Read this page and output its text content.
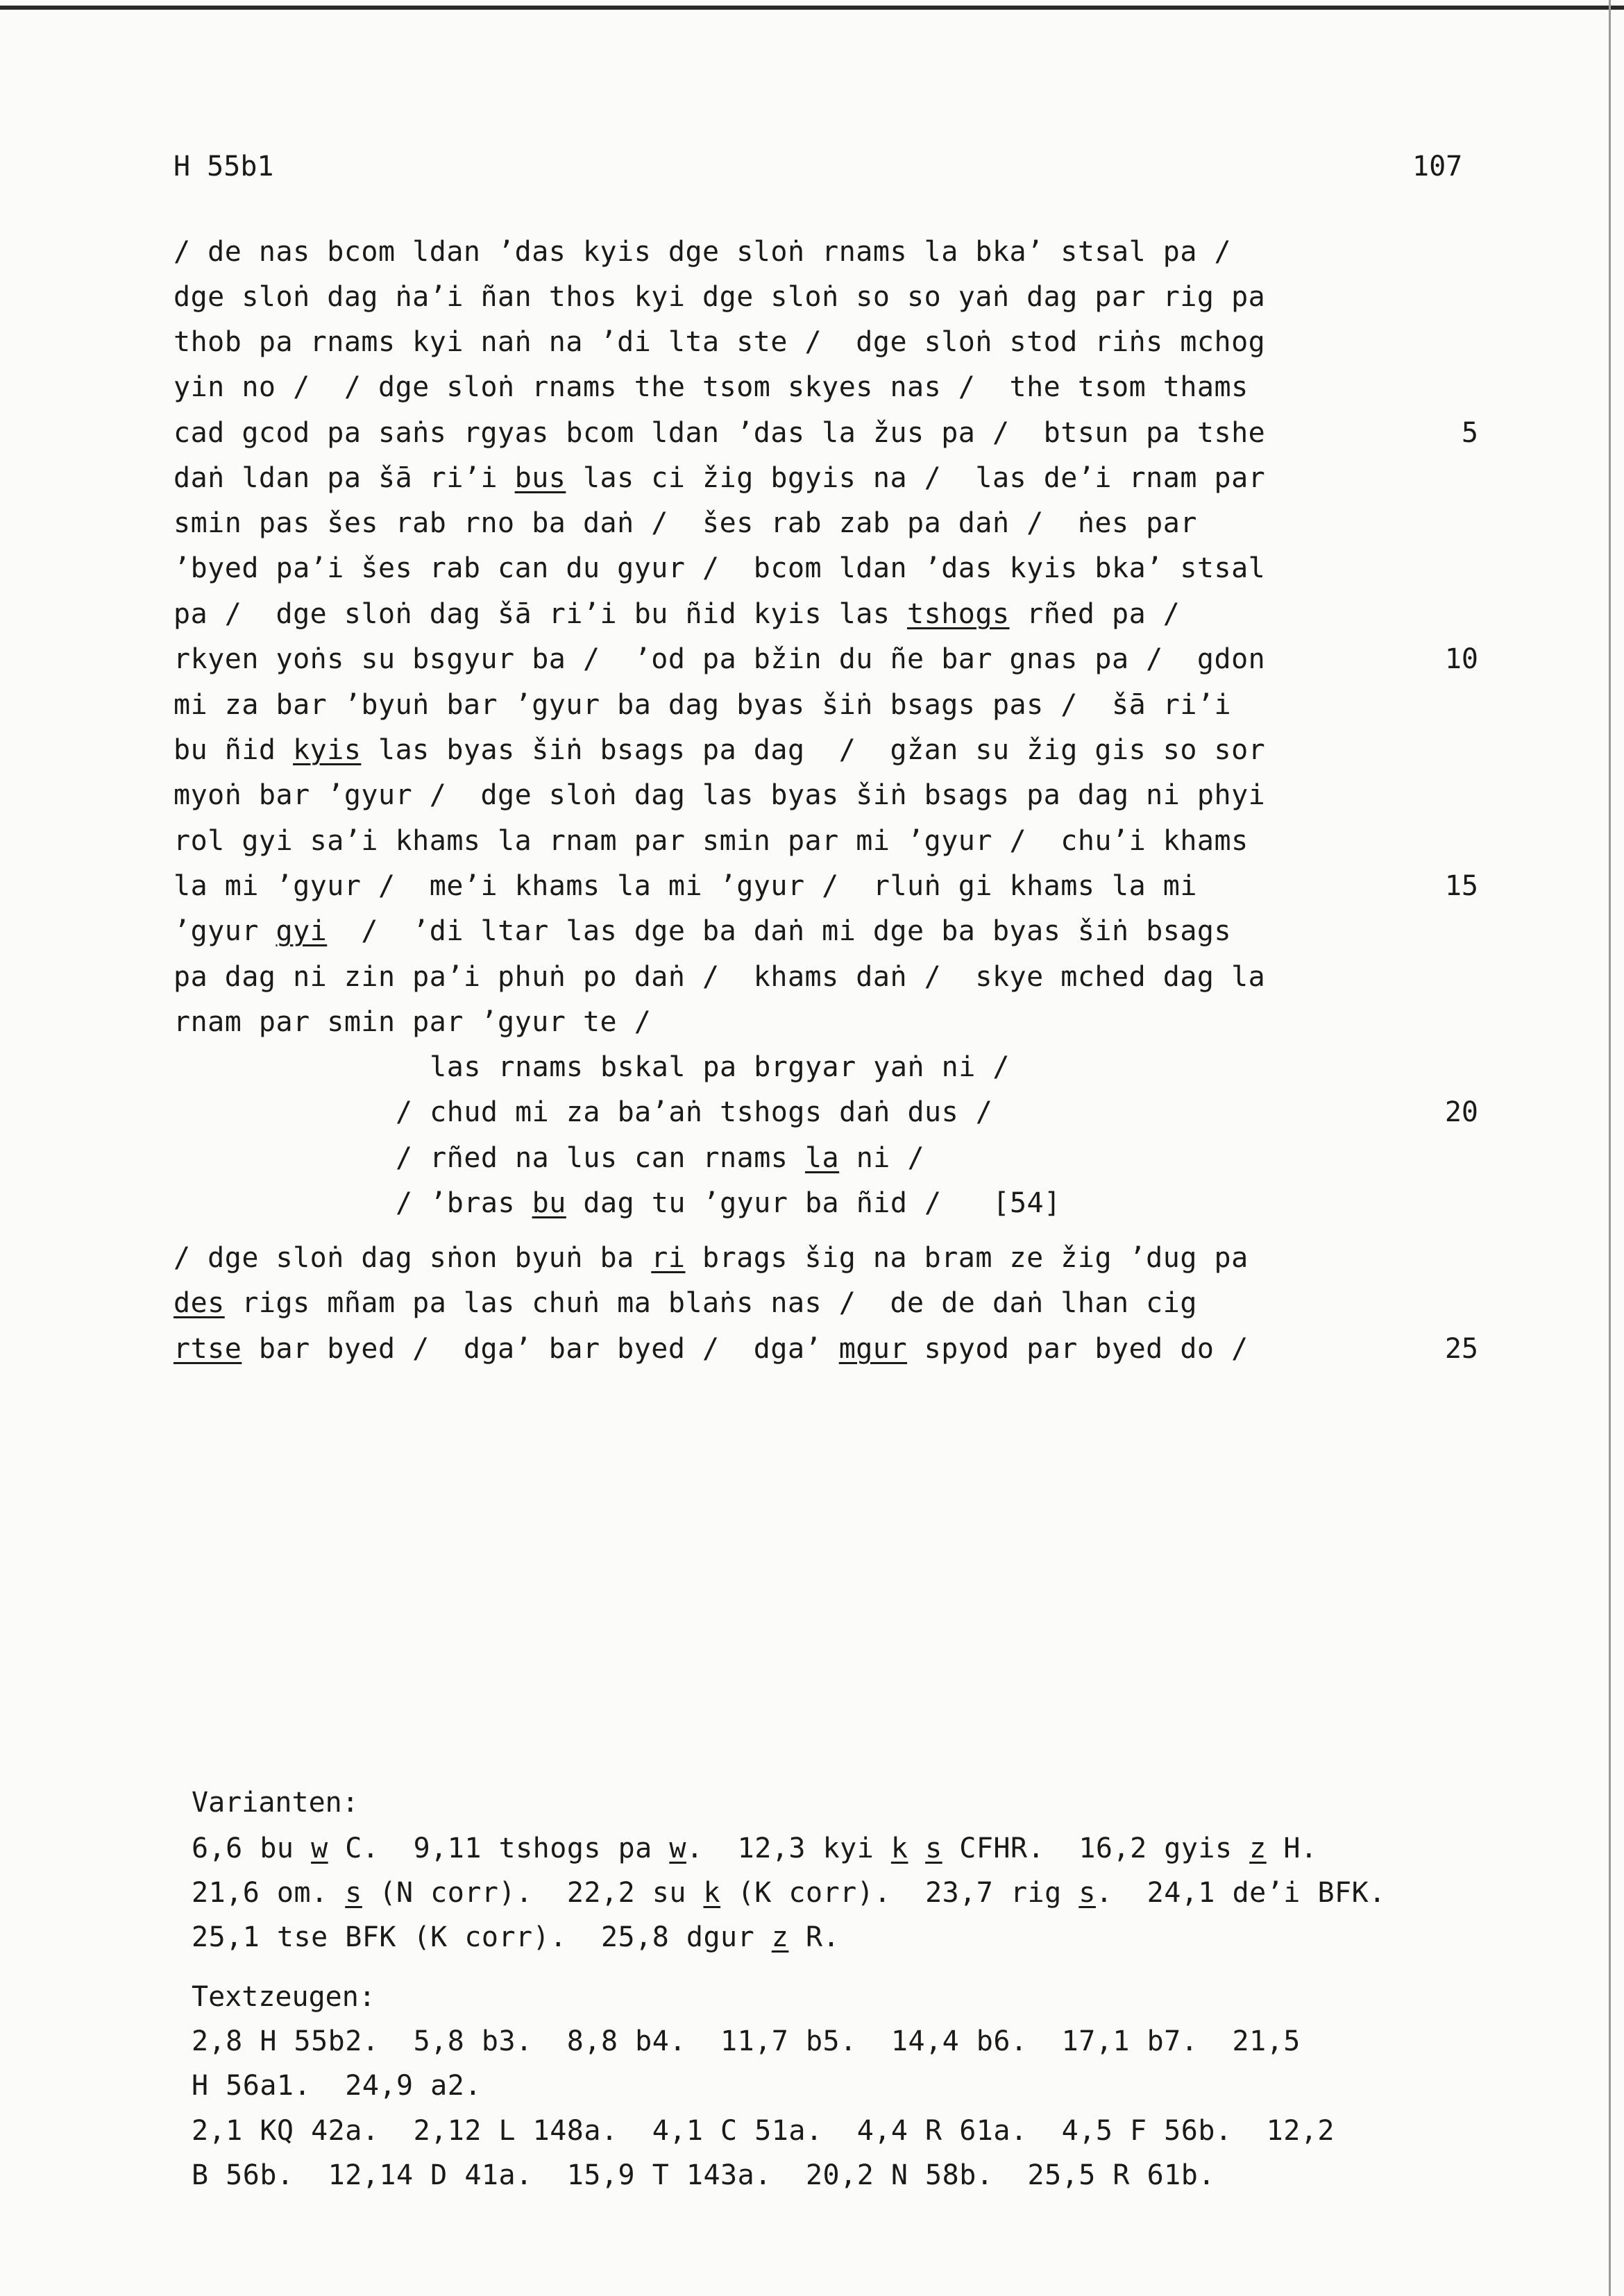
H 55b1	107
/ de nas bcom ldan ’das kyis dge sloṅ rnams la bka’ stsal pa /
dge sloṅ dag ṅa’i ñan thos kyi dge sloṅ so so yaṅ dag par rig pa
thob pa rnams kyi naṅ na ’di lta ste /  dge sloṅ stod riṅs mchog
yin no /  / dge sloṅ rnams the tsom skyes nas /  the tsom thams
cad gcod pa saṅs rgyas bcom ldan ’das la žus pa /  btsun pa tshe
daṅ ldan pa šā ri’i bus las ci žig bgyis na /  las de’i rnam par
smin pas šes rab rno ba daṅ /  šes rab zab pa daṅ /  ṅes par
’byed pa’i šes rab can du gyur /  bcom ldan ’das kyis bka’ stsal
pa /  dge sloṅ dag šā ri’i bu ñid kyis las tshogs rñed pa /
rkyen yoṅs su bsgyur ba /  ’od pa bžin du ñe bar gnas pa /  gdon
mi za bar ’byuṅ bar ’gyur ba dag byas šiṅ bsags pas /  šā ri’i
bu ñid kyis las byas šiṅ bsags pa dag  /  gžan su žig gis so sor
myoṅ bar ’gyur /  dge sloṅ dag las byas šiṅ bsags pa dag ni phyi
rol gyi sa’i khams la rnam par smin par mi ’gyur /  chu’i khams
la mi ’gyur /  me’i khams la mi ’gyur /  rluṅ gi khams la mi
’gyur gyi  /  ’di ltar las dge ba daṅ mi dge ba byas šiṅ bsags
pa dag ni zin pa’i phuṅ po daṅ /  khams daṅ /  skye mched dag la
rnam par smin par ’gyur te /
las rnams bskal pa brgyar yaṅ ni /
/ chud mi za ba’aṅ tshogs daṅ dus /
/ rñed na lus can rnams la ni /
/ ’bras bu dag tu ’gyur ba ñid /   [54]
/ dge sloṅ dag sṅon byuṅ ba ri brags šig na bram ze žig ’dug pa
des rigs mñam pa las chuṅ ma blaṅs nas /  de de daṅ lhan cig
rtse bar byed /  dga’ bar byed /  dga’ mgur spyod par byed do /
5
10
15
20
25
Varianten:
6,6 bu w C.  9,11 tshogs pa w.  12,3 kyi k s CFHR.  16,2 gyis z H.
21,6 om. s (N corr).  22,2 su k (K corr).  23,7 rig s.  24,1 de’i BFK.
25,1 tse BFK (K corr).  25,8 dgur z R.
Textzeugen:
2,8 H 55b2.  5,8 b3.  8,8 b4.  11,7 b5.  14,4 b6.  17,1 b7.  21,5
H 56a1.  24,9 a2.
2,1 KQ 42a.  2,12 L 148a.  4,1 C 51a.  4,4 R 61a.  4,5 F 56b.  12,2
B 56b.  12,14 D 41a.  15,9 T 143a.  20,2 N 58b.  25,5 R 61b.
